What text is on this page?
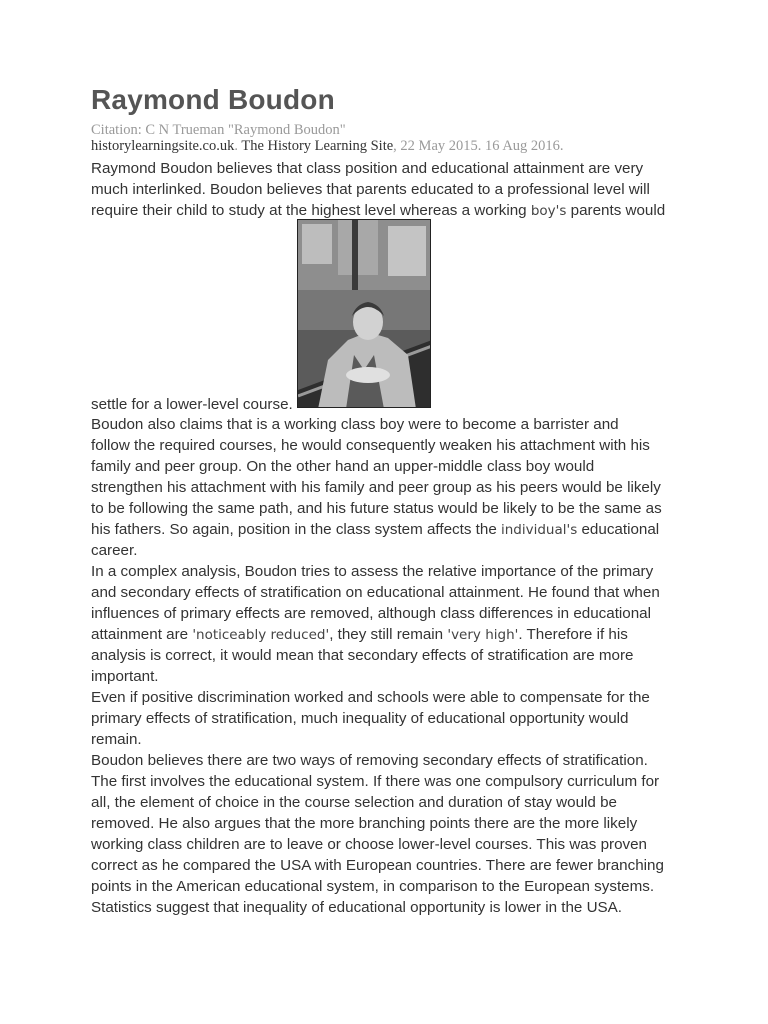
Raymond Boudon

Citation: C N Trueman "Raymond Boudon"

historylearningsite.co.uk. The History Learning Site, 22 May 2015. 16 Aug 2016.

Raymond Boudon believes that class position and educational attainment are very
much interlinked. Boudon believes that parents educated to a professional level will
require their child to study at the highest level whereas a working boy's parents would
settle for a lower-level course.
Boudon also claims that is a working class boy were to become a barrister and
follow the required courses, he would consequently weaken his attachment with his
family and peer group. On the other hand an upper-middle class boy would
strengthen his attachment with his family and peer group as his peers would be likely
to be following the same path, and his future status would be likely to be the same as
his fathers. So again, position in the class system affects the individual's educational
career.
In a complex analysis, Boudon tries to assess the relative importance of the primary
and secondary effects of stratification on educational attainment. He found that when
influences of primary effects are removed, although class differences in educational
attainment are 'noticeably reduced', they still remain 'very high'. Therefore if his
analysis is correct, it would mean that secondary effects of stratification are more
important.
Even if positive discrimination worked and schools were able to compensate for the
primary effects of stratification, much inequality of educational opportunity would
remain.
Boudon believes there are two ways of removing secondary effects of stratification.
The first involves the educational system. If there was one compulsory curriculum for
all, the element of choice in the course selection and duration of stay would be
removed. He also argues that the more branching points there are the more likely
working class children are to leave or choose lower-level courses. This was proven
correct as he compared the USA with European countries. There are fewer branching
points in the American educational system, in comparison to the European systems.
Statistics suggest that inequality of educational opportunity is lower in the USA.
